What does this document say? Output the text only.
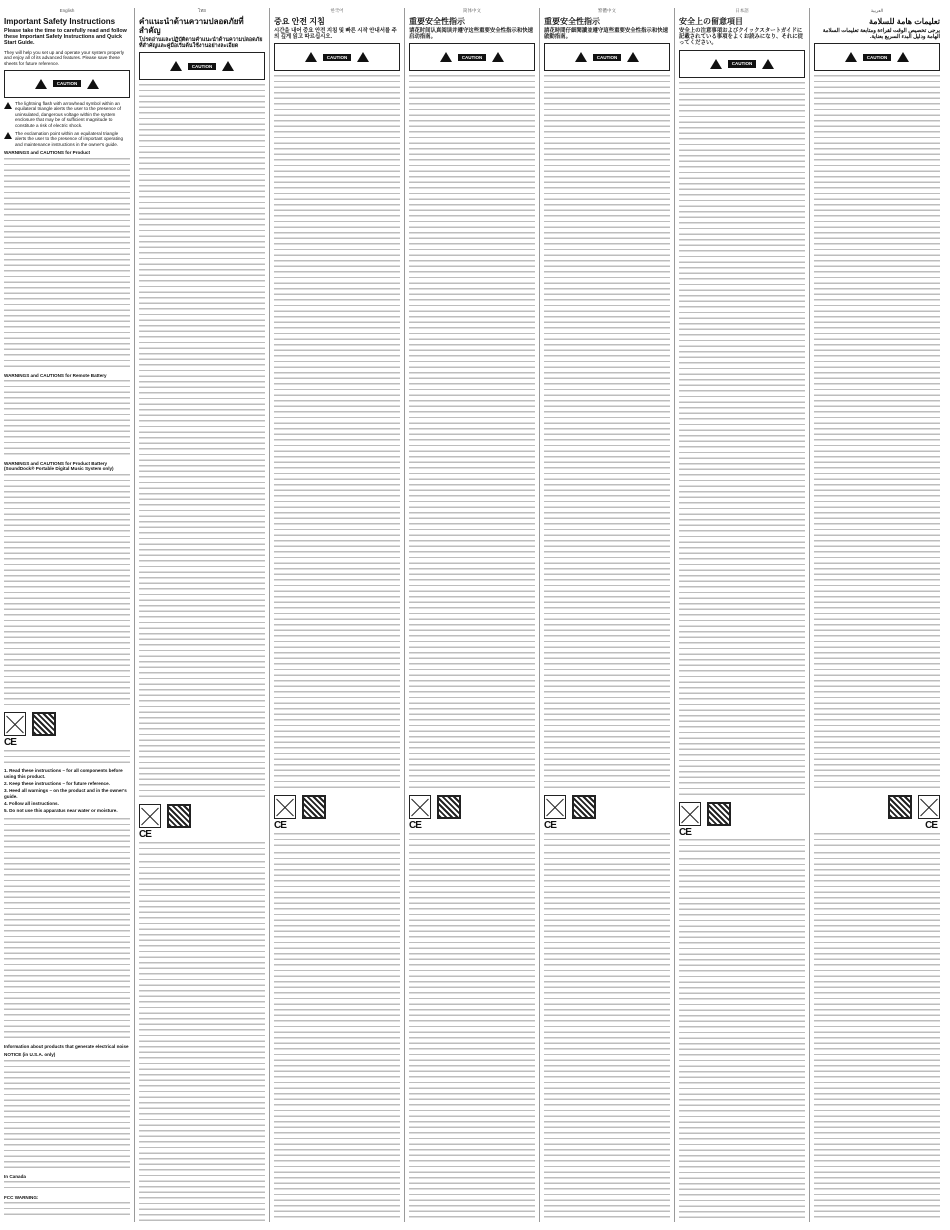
English
Important Safety Instructions
Please take the time to carefully read and follow these Important Safety Instructions and Quick Start Guide.
They will help you set up and operate your system properly and enjoy all of its advanced features. Please save these sheets for future reference.
CAUTION
The lightning flash with arrowhead symbol within an equilateral triangle alerts the user to the presence of uninsulated, dangerous voltage within the system enclosure that may be of sufficient magnitude to constitute a risk of electric shock.
The exclamation point within an equilateral triangle alerts the user to the presence of important operating and maintenance instructions in the owner's guide.
WARNINGS and CAUTIONS for Product
WARNINGS and CAUTIONS for Remote Battery
WARNINGS and CAUTIONS for Product Battery (SoundDock® Portable Digital Music System only)
CE
1. Read these instructions – for all components before using this product.
2. Keep these instructions – for future reference.
3. Heed all warnings – on the product and in the owner's guide.
4. Follow all instructions.
5. Do not use this apparatus near water or moisture.
Information about products that generate electrical noise
NOTICE (in U.S.A. only)
In Canada
FCC WARNING:
ไทย
คำแนะนำด้านความปลอดภัยที่สำคัญ
โปรดอ่านและปฏิบัติตามคำแนะนำด้านความปลอดภัยที่สำคัญและคู่มือเริ่มต้นใช้งานอย่างละเอียด
CAUTION
CE
한국어
중요 안전 지침
시간을 내어 중요 안전 지침 및 빠른 시작 안내서를 주의 깊게 읽고 따르십시오.
CAUTION
CE
简体中文
重要安全性指示
请花时间认真阅读并遵守这些重要安全性指示和快速启动指南。
CAUTION
CE
繁體中文
重要安全性指示
請花時間仔細閱讀並遵守這些重要安全性指示和快速啟動指南。
CAUTION
CE
日本語
安全上の留意項目
安全上の注意事項およびクイックスタートガイドに記載されている事項をよくお読みになり、それに従ってください。
CAUTION
CE
العربية
تعليمات هامة للسلامة
يرجى تخصيص الوقت لقراءة ومتابعة تعليمات السلامة الهامة ودليل البدء السريع بعناية.
CAUTION
CE
